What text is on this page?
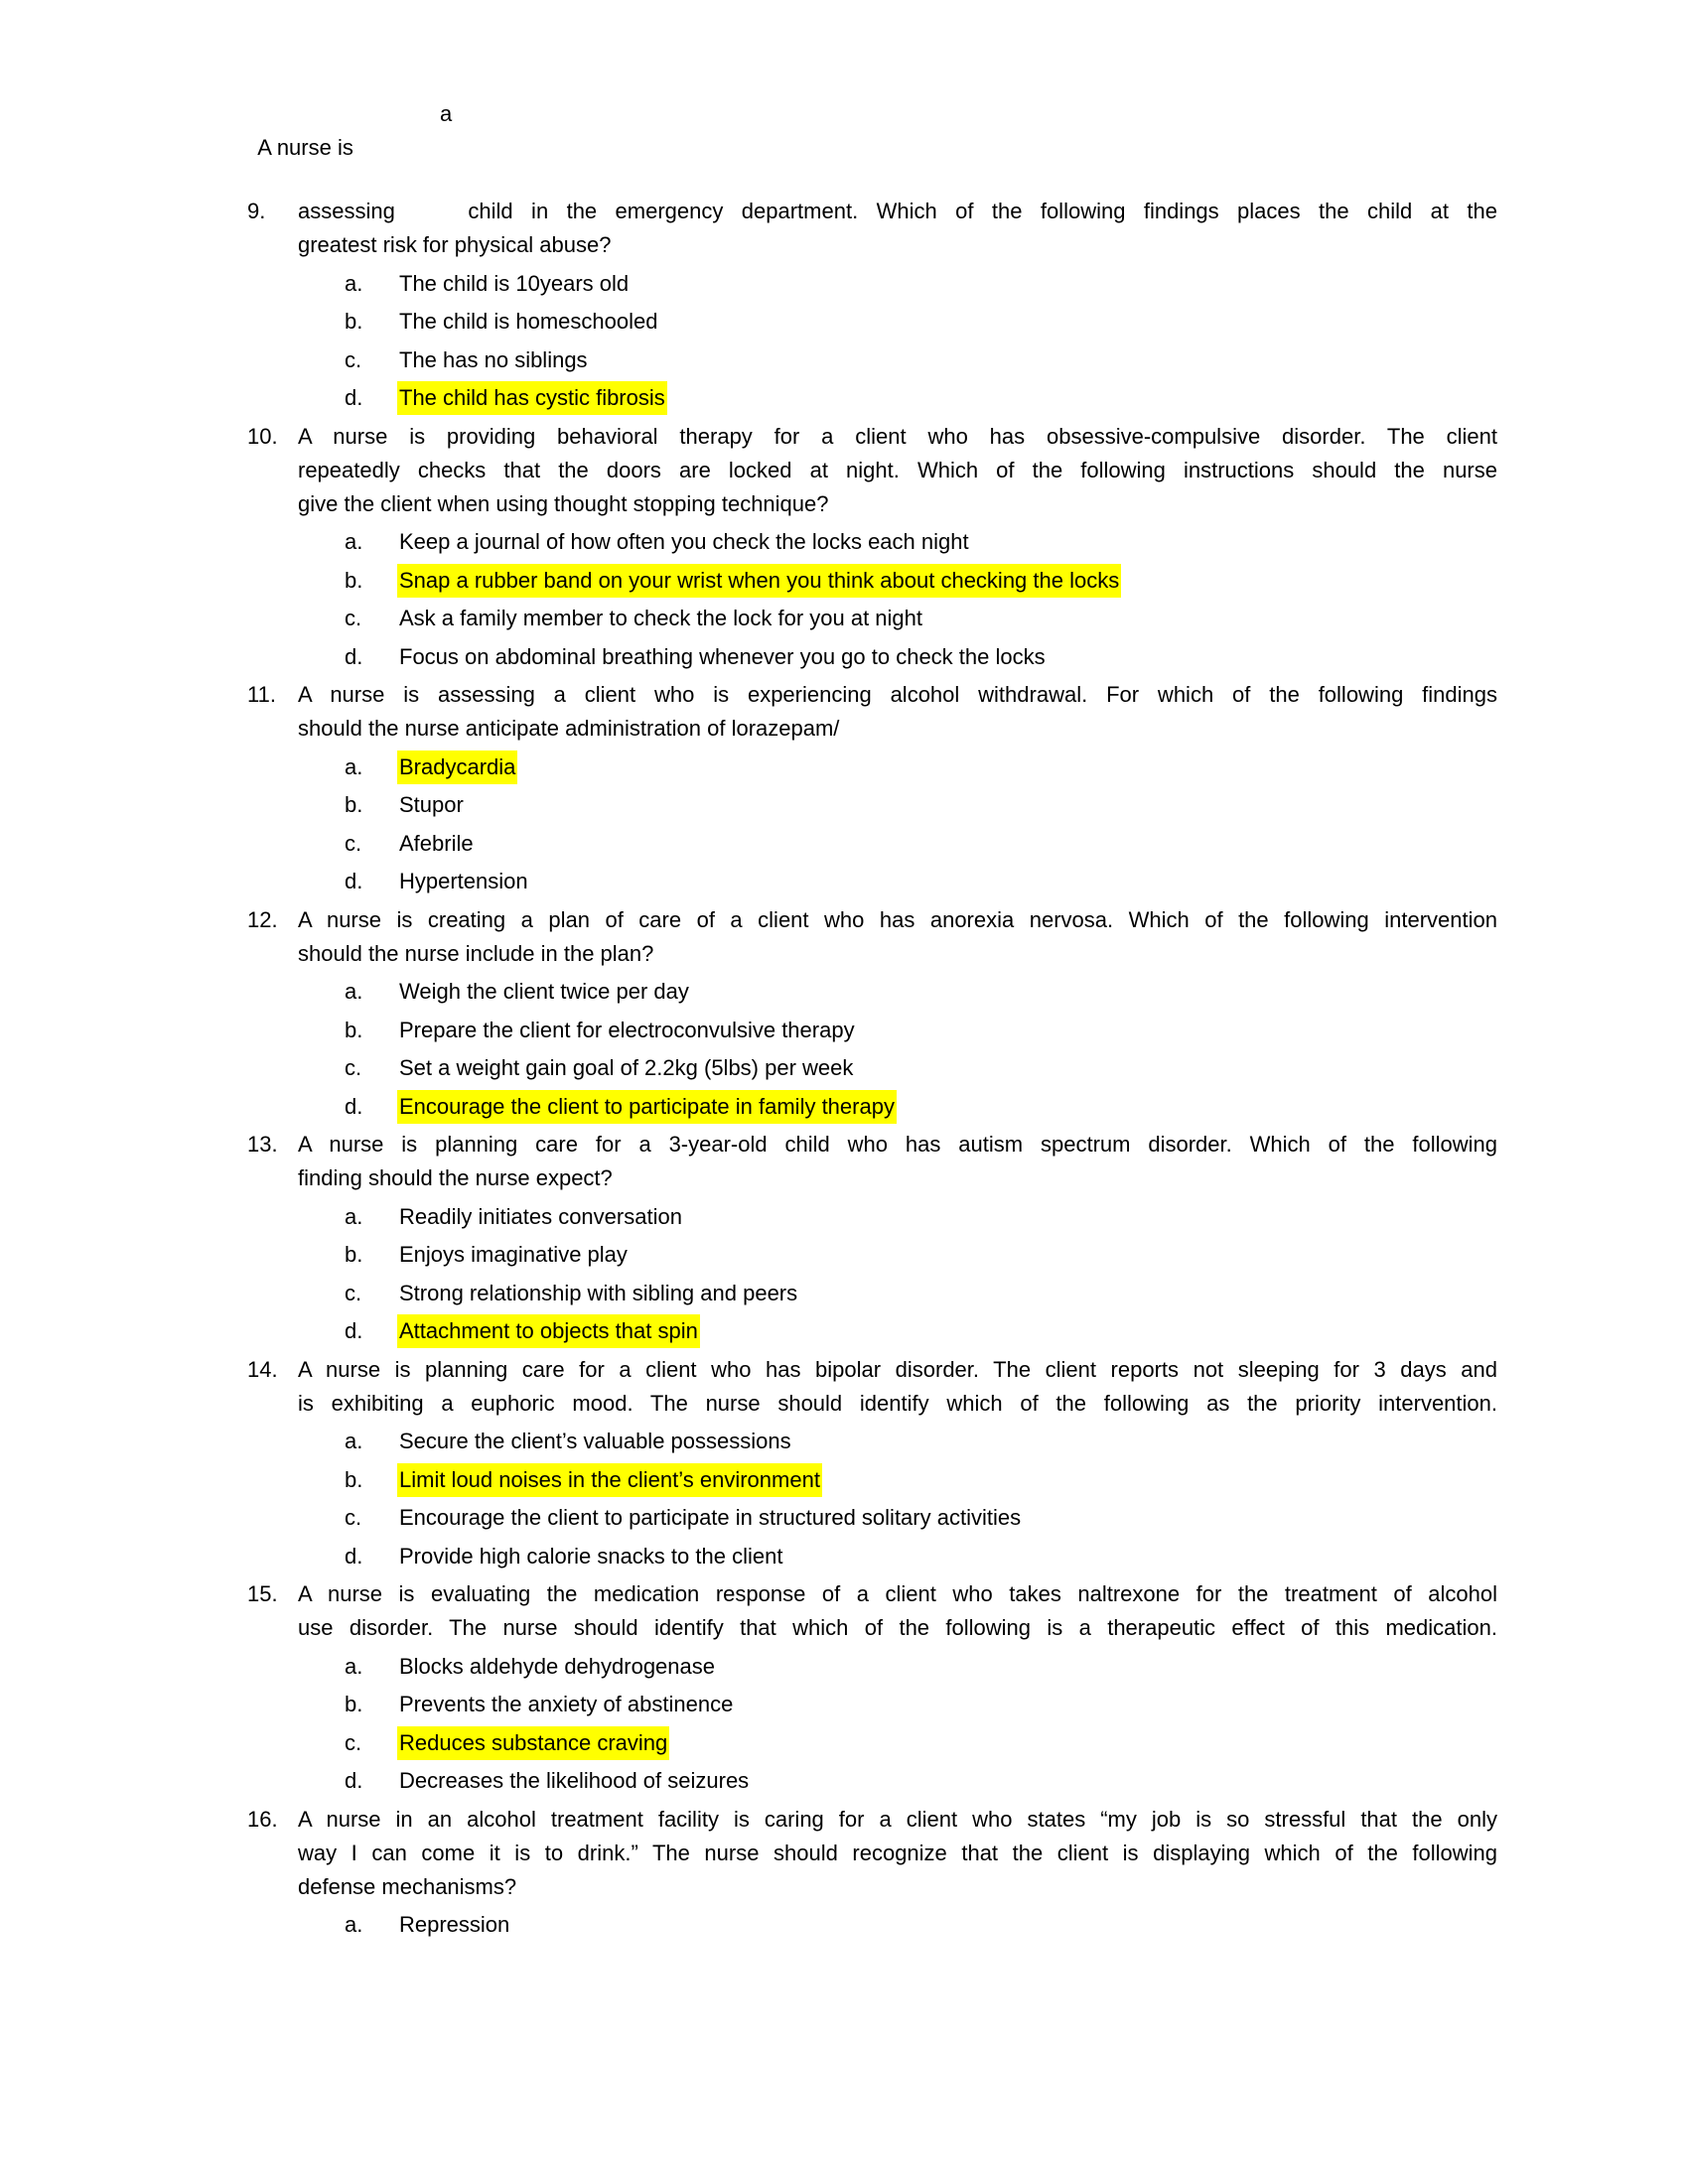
A nurse is

a

9. assessing    child in the emergency department. Which of the following findings places the child at the
greatest risk for physical abuse?
a. The child is 10years old
b. The child is homeschooled
c. The has no siblings
d. The child has cystic fibrosis
10. A nurse is providing behavioral therapy for a client who has obsessive-compulsive disorder. The client
repeatedly checks that the doors are locked at night. Which of the following instructions should the nurse
give the client when using thought stopping technique?
a. Keep a journal of how often you check the locks each night
b. Snap a rubber band on your wrist when you think about checking the locks
c. Ask a family member to check the lock for you at night
d. Focus on abdominal breathing whenever you go to check the locks
11. A nurse is assessing a client who is experiencing alcohol withdrawal. For which of the following findings
should the nurse anticipate administration of lorazepam/
a. Bradycardia
b. Stupor
c. Afebrile
d. Hypertension
12. A nurse is creating a plan of care of a client who has anorexia nervosa. Which of the following intervention
should the nurse include in the plan?
a. Weigh the client twice per day
b. Prepare the client for electroconvulsive therapy
c. Set a weight gain goal of 2.2kg (5lbs) per week
d. Encourage the client to participate in family therapy
13. A nurse is planning care for a 3-year-old child who has autism spectrum disorder. Which of the following
finding should the nurse expect?
a. Readily initiates conversation
b. Enjoys imaginative play
c. Strong relationship with sibling and peers
d. Attachment to objects that spin
14. A nurse is planning care for a client who has bipolar disorder. The client reports not sleeping for 3 days and
is exhibiting a euphoric mood. The nurse should identify which of the following as the priority intervention.
a. Secure the client’s valuable possessions
b. Limit loud noises in the client’s environment
c. Encourage the client to participate in structured solitary activities
d. Provide high calorie snacks to the client
15. A nurse is evaluating the medication response of a client who takes naltrexone for the treatment of alcohol
use disorder. The nurse should identify that which of the following is a therapeutic effect of this medication.
a. Blocks aldehyde dehydrogenase
b. Prevents the anxiety of abstinence
c. Reduces substance craving
d. Decreases the likelihood of seizures
16. A nurse in an alcohol treatment facility is caring for a client who states “my job is so stressful that the only
way I can come it is to drink.” The nurse should recognize that the client is displaying which of the following
defense mechanisms?
a. Repression
